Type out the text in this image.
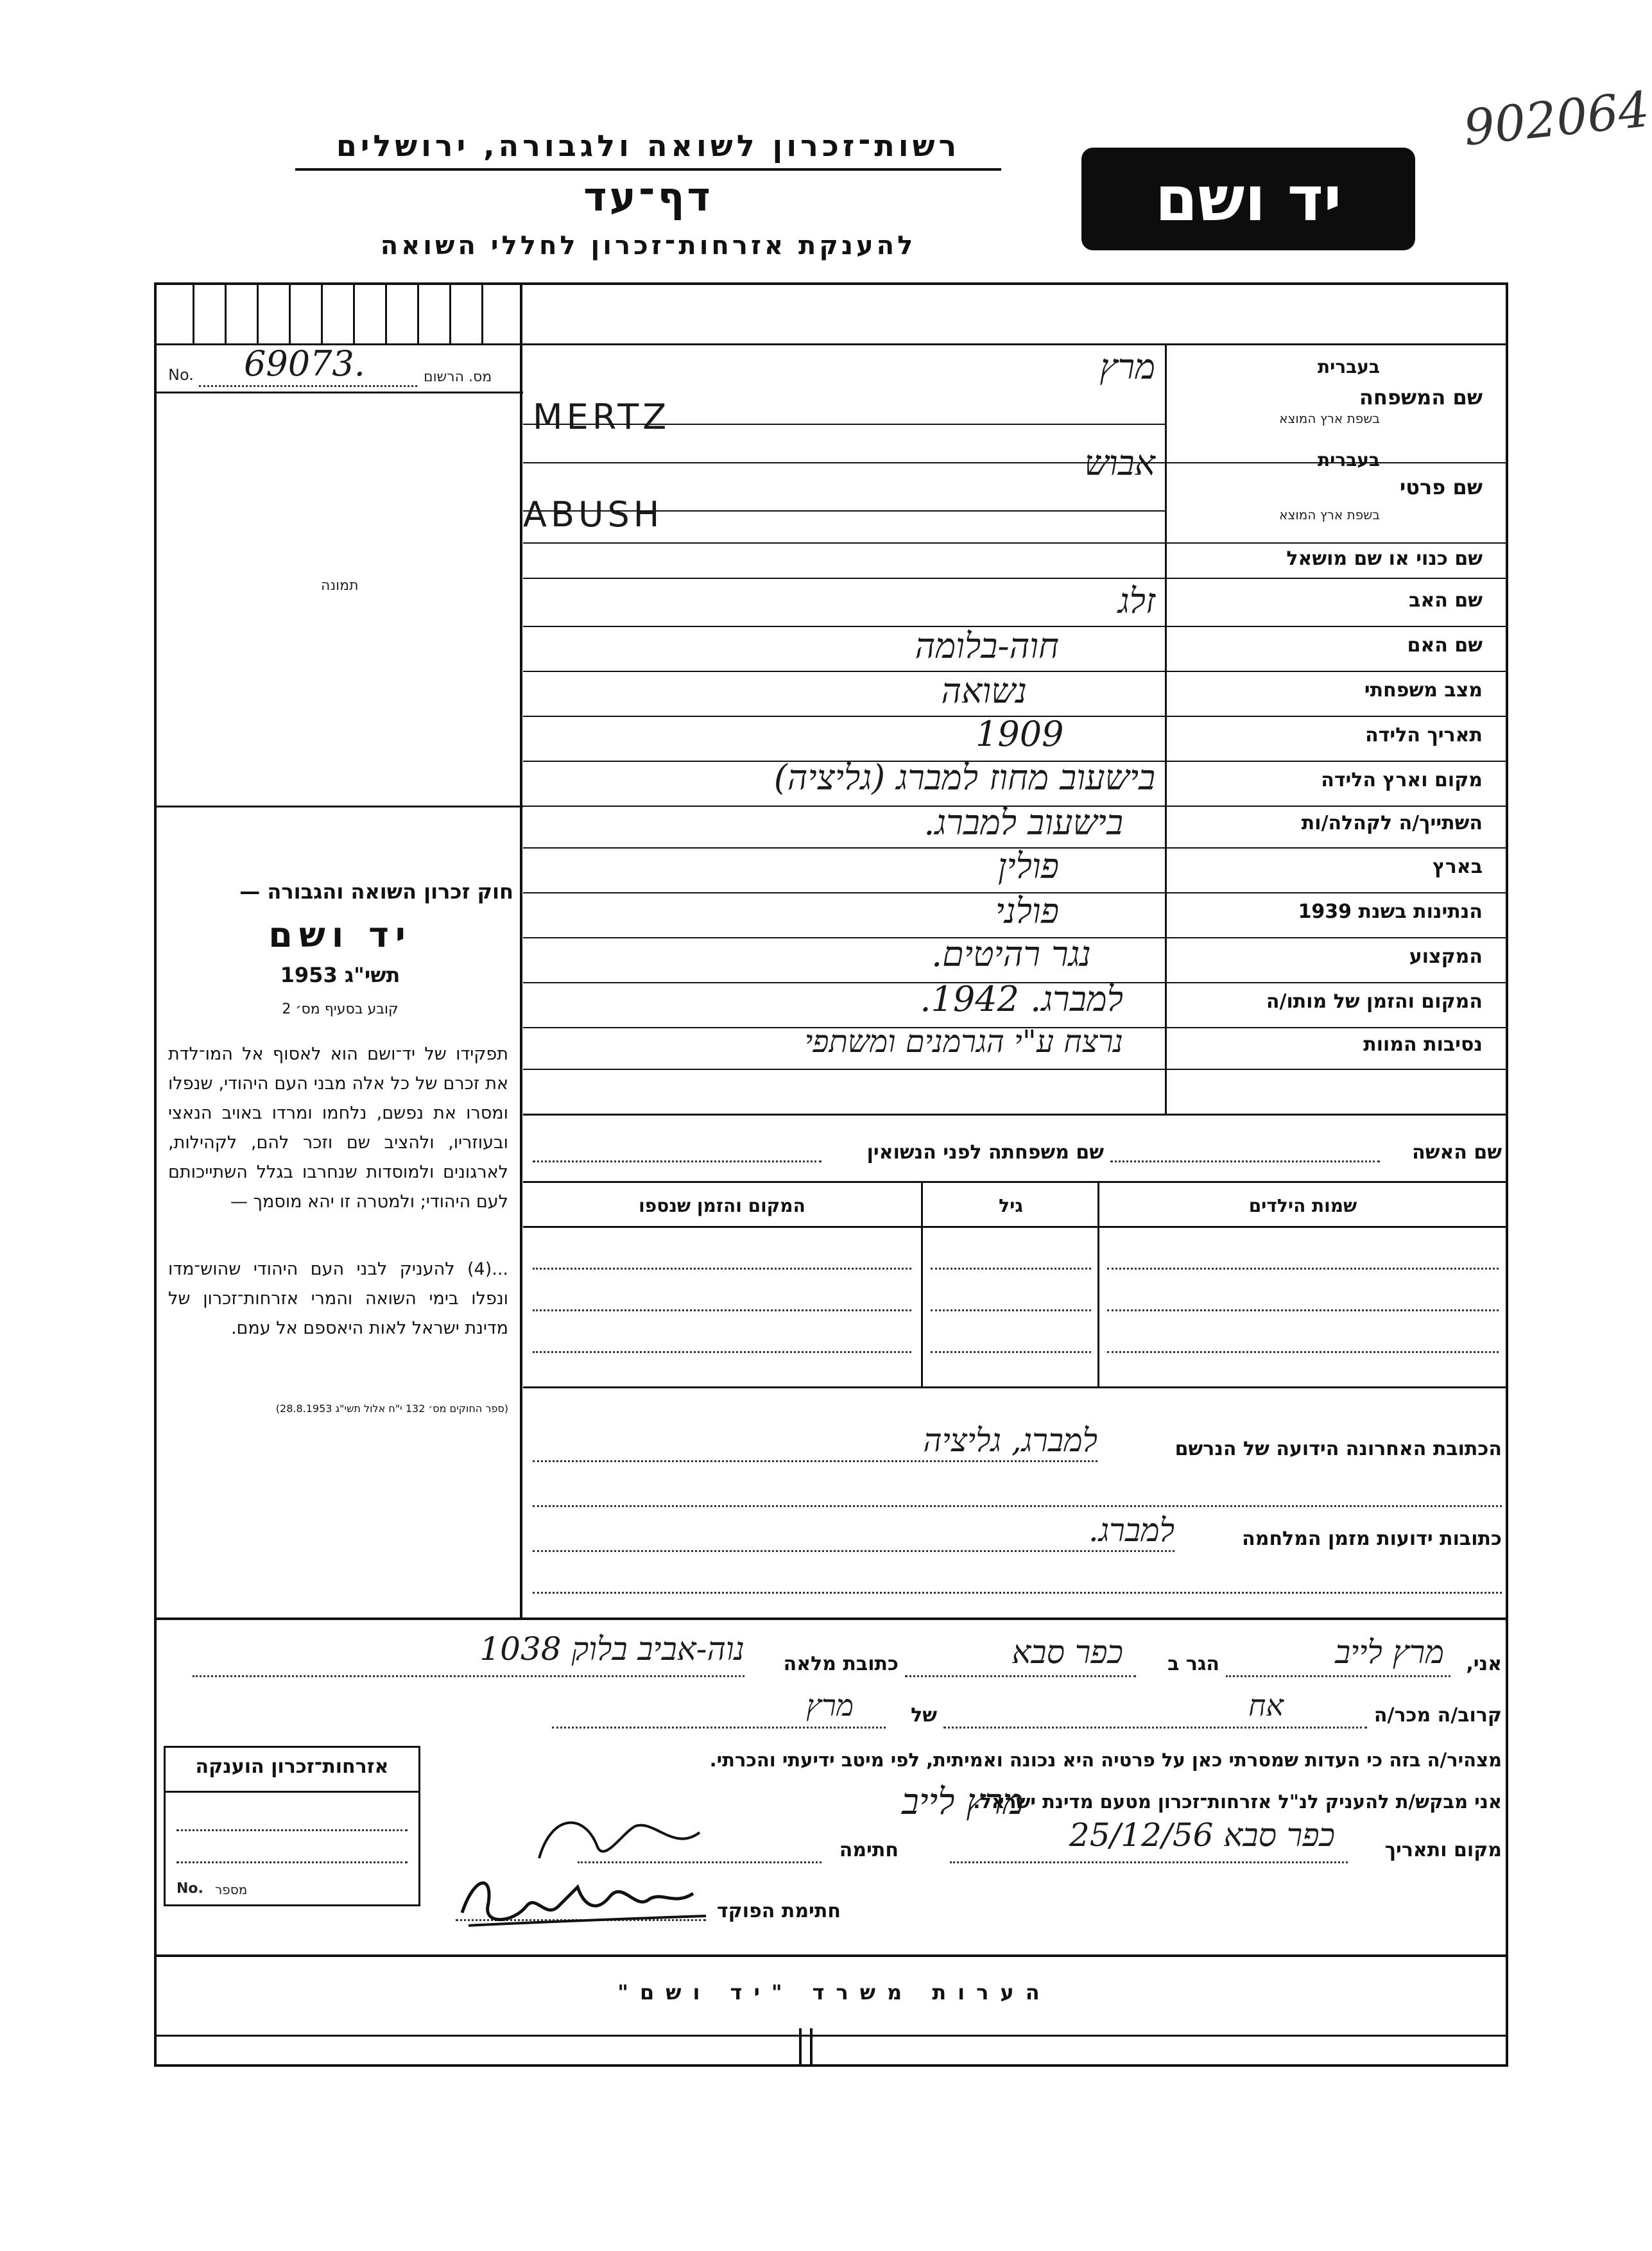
902064
רשות־זכרון לשואה ולגבורה, ירושלים
דף־עד
להענקת אזרחות־זכרון לחללי השואה
יד ושם
No. 69073.	מס. הרשום
תמונה
חוק זכרון השואה והגבורה —
יד ושם
תשי"ג 1953
קובע בסעיף מס׳ 2
תפקידו של יד־ושם הוא לאסוף אל המו־לדת את זכרם של כל אלה מבני העם היהודי, שנפלו ומסרו את נפשם, נלחמו ומרדו באויב הנאצי ובעוזריו, ולהציב שם וזכר להם, לקהילות, לארגונים ולמוסדות שנחרבו בגלל השתייכותם לעם היהודי; ולמטרה זו יהא מוסמך —
...(4) להעניק לבני העם היהודי שהוש־מדו ונפלו בימי השואה והמרי אזרחות־זכרון של מדינת ישראל לאות היאספם אל עמם.
(ספר החוקים מס׳ 132 י"ח אלול תשי"ג 28.8.1953)
שם המשפחה
בעברית
בשפת ארץ המוצא
מרץ
MERTZ
שם פרטי
בעברית
בשפת ארץ המוצא
אבוש
ABUSH
שם כנוי או שם מושאל
שם האב
זלג
שם האם
חוה-בלומה
מצב משפחתי
נשואה
תאריך הלידה
1909
מקום וארץ הלידה
בישעוב מחוז למברג (גליציה)
השתייך/ה לקהלה/ות
בישעוב למברג.
בארץ
פולין
הנתינות בשנת 1939
פולני
המקצוע
נגר רהיטים.
המקום והזמן של מותו/ה
למברג. 1942.
נסיבות המוות
נרצח ע"י הגרמנים ומשתפי
שם האשה
שם משפחתה לפני הנשואין
שמות הילדים
גיל
המקום והזמן שנספו
הכתובת האחרונה הידועה של הנרשם
למברג, גליציה
כתובות ידועות מזמן המלחמה
למברג.
אני,
מרץ לייב
הגר ב
כפר סבא
כתובת מלאה
נוה-אביב בלוק 1038
קרוב/ה מכר/ה
אח
של
מרץ
מצהיר/ה בזה כי העדות שמסרתי כאן על פרטיה היא נכונה ואמיתית, לפי מיטב ידיעתי והכרתי.
אני מבקש/ת להעניק לנ"ל אזרחות־זכרון מטעם מדינת ישראל.
מקום ותאריך
כפר סבא 25/12/56
חתימה
מרץ לייב
חתימת הפוקד
אזרחות־זכרון הוענקה
No. מספר
הערות משרד "יד ושם"
